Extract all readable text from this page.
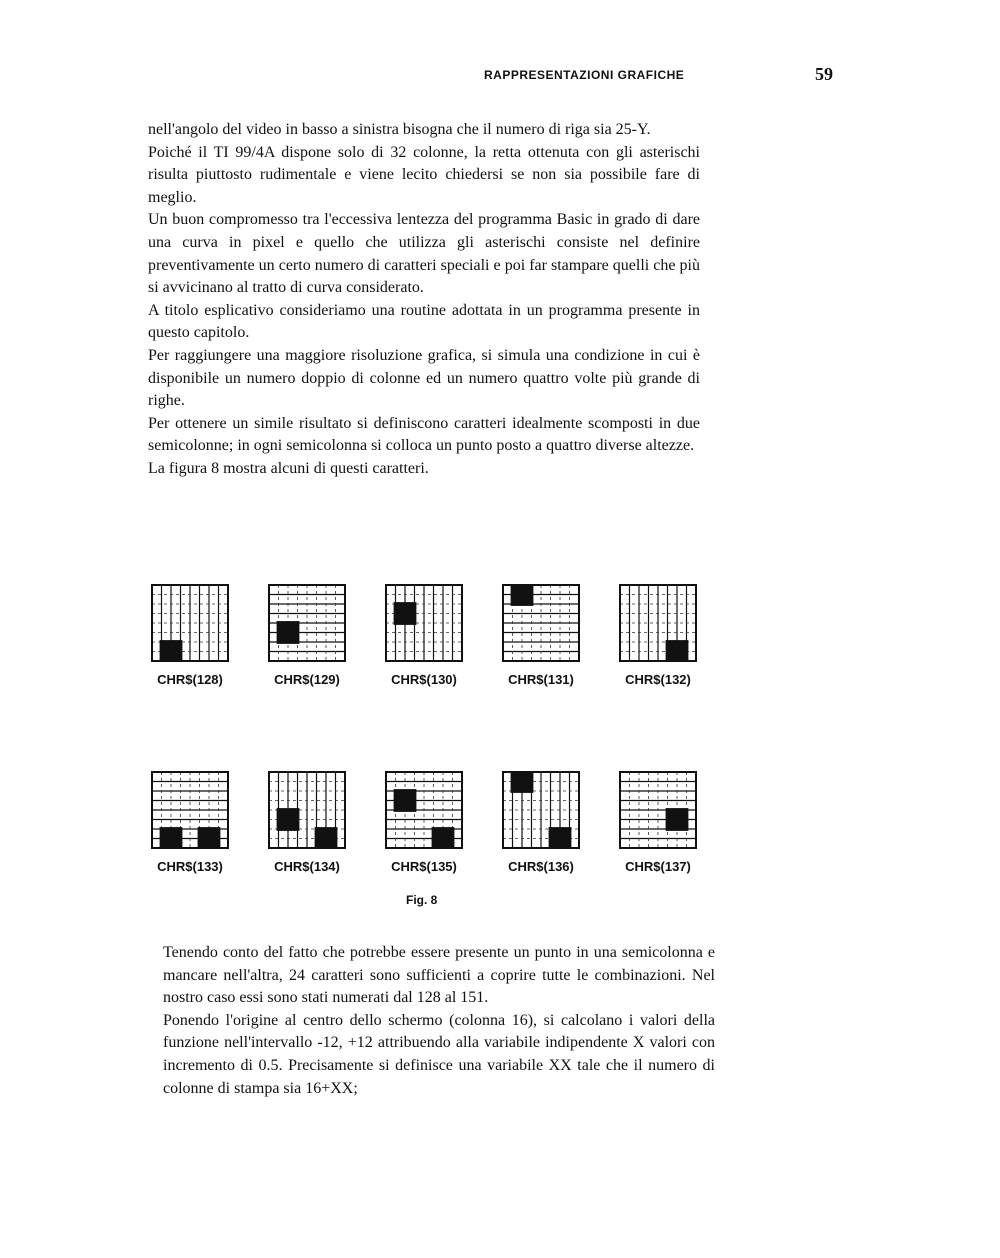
RAPPRESENTAZIONI GRAFICHE	59

nell'angolo del video in basso a sinistra bisogna che il numero di riga sia 25-Y.

Poiché il TI 99/4A dispone solo di 32 colonne, la retta ottenuta con gli asterischi risulta piuttosto rudimentale e viene lecito chiedersi se non sia possibile fare di meglio.

Un buon compromesso tra l'eccessiva lentezza del programma Basic in grado di dare una curva in pixel e quello che utilizza gli asterischi consiste nel definire preventivamente un certo numero di caratteri speciali e poi far stampare quelli che più si avvicinano al tratto di curva considerato.

A titolo esplicativo consideriamo una routine adottata in un programma presente in questo capitolo.

Per raggiungere una maggiore risoluzione grafica, si simula una condizione in cui è disponibile un numero doppio di colonne ed un numero quattro volte più grande di righe.

Per ottenere un simile risultato si definiscono caratteri idealmente scomposti in due semicolonne; in ogni semicolonna si colloca un punto posto a quattro diverse altezze.

La figura 8 mostra alcuni di questi caratteri.

CHR$(128)	CHR$(129)	CHR$(130)	CHR$(131)	CHR$(132)
CHR$(133)	CHR$(134)	CHR$(135)	CHR$(136)	CHR$(137)
Fig. 8

Tenendo conto del fatto che potrebbe essere presente un punto in una semicolonna e mancare nell'altra, 24 caratteri sono sufficienti a coprire tutte le combinazioni. Nel nostro caso essi sono stati numerati dal 128 al 151.

Ponendo l'origine al centro dello schermo (colonna 16), si calcolano i valori della funzione nell'intervallo -12, +12 attribuendo alla variabile indipendente X valori con incremento di 0.5. Precisamente si definisce una variabile XX tale che il numero di colonne di stampa sia 16+XX;
